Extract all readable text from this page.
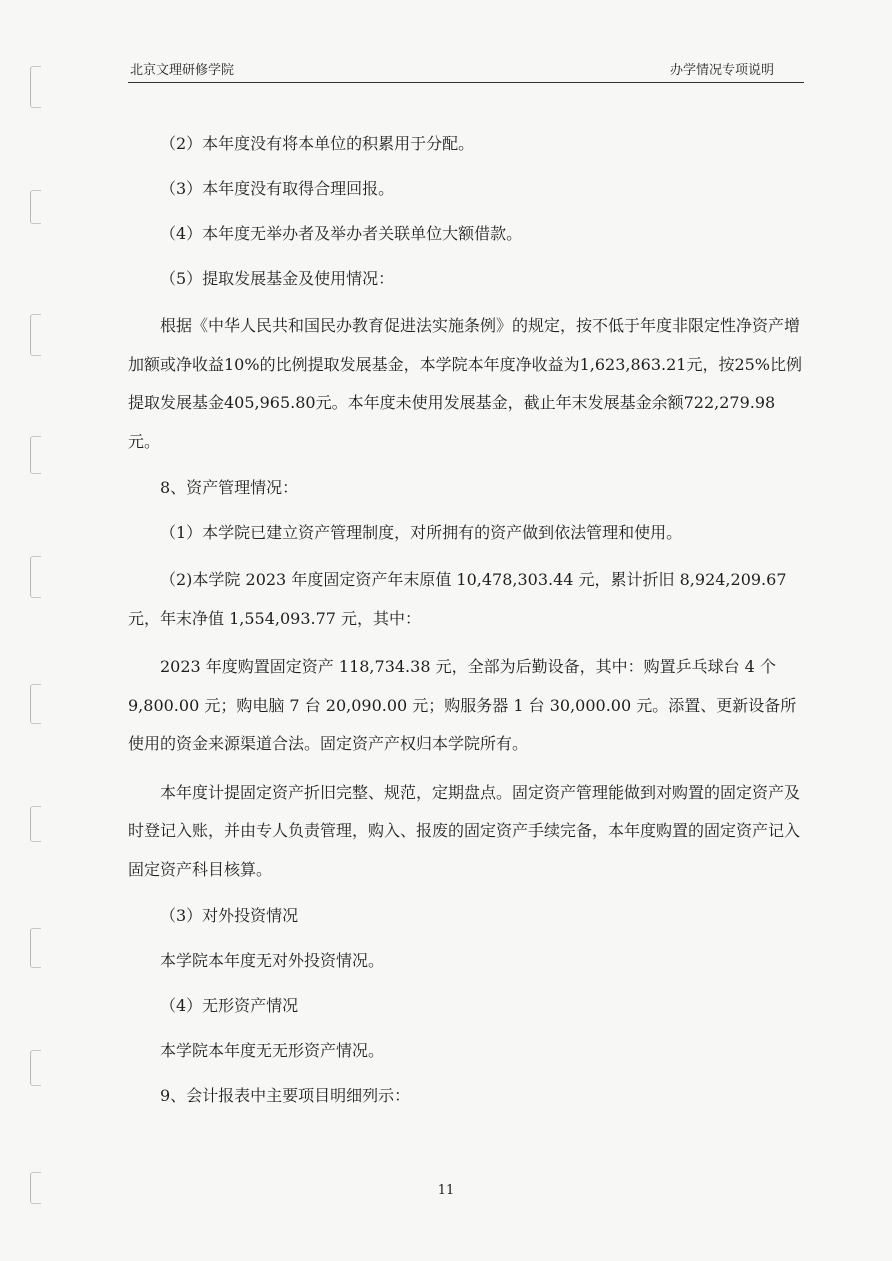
北京文理研修学院	办学情况专项说明

（2）本年度没有将本单位的积累用于分配。

（3）本年度没有取得合理回报。

（4）本年度无举办者及举办者关联单位大额借款。

（5）提取发展基金及使用情况：

根据《中华人民共和国民办教育促进法实施条例》的规定，按不低于年度非限定性净资产增加额或净收益10%的比例提取发展基金，本学院本年度净收益为1,623,863.21元，按25%比例提取发展基金405,965.80元。本年度未使用发展基金，截止年末发展基金余额722,279.98元。

8、资产管理情况：

（1）本学院已建立资产管理制度，对所拥有的资产做到依法管理和使用。

（2)本学院 2023 年度固定资产年末原值 10,478,303.44 元，累计折旧 8,924,209.67 元，年末净值 1,554,093.77 元，其中：

2023 年度购置固定资产 118,734.38 元，全部为后勤设备，其中：购置乒乓球台 4 个 9,800.00 元；购电脑 7 台 20,090.00 元；购服务器 1 台 30,000.00 元。添置、更新设备所使用的资金来源渠道合法。固定资产产权归本学院所有。

本年度计提固定资产折旧完整、规范，定期盘点。固定资产管理能做到对购置的固定资产及时登记入账，并由专人负责管理，购入、报废的固定资产手续完备，本年度购置的固定资产记入固定资产科目核算。

（3）对外投资情况

本学院本年度无对外投资情况。

（4）无形资产情况

本学院本年度无无形资产情况。

9、会计报表中主要项目明细列示：

11
